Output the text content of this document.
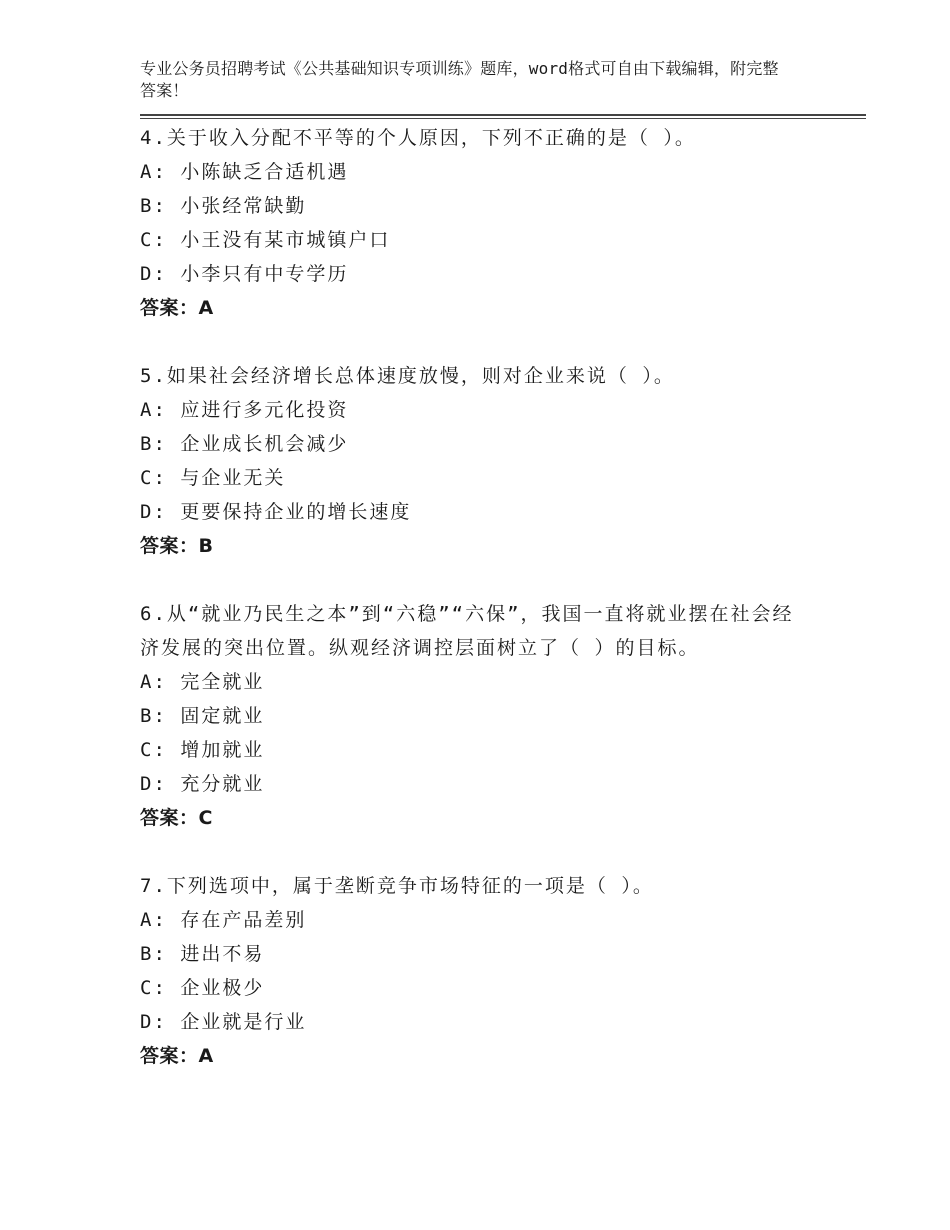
专业公务员招聘考试《公共基础知识专项训练》题库，word格式可自由下载编辑，附完整答案！

4.关于收入分配不平等的个人原因，下列不正确的是（ ）。

A: 小陈缺乏合适机遇

B: 小张经常缺勤

C: 小王没有某市城镇户口

D: 小李只有中专学历

答案：A

5.如果社会经济增长总体速度放慢，则对企业来说（ ）。

A: 应进行多元化投资

B: 企业成长机会减少

C: 与企业无关

D: 更要保持企业的增长速度

答案：B

6.从“就业乃民生之本”到“六稳”“六保”，我国一直将就业摆在社会经济发展的突出位置。纵观经济调控层面树立了（ ）的目标。

A: 完全就业

B: 固定就业

C: 增加就业

D: 充分就业

答案：C

7.下列选项中，属于垄断竞争市场特征的一项是（ ）。

A: 存在产品差别

B: 进出不易

C: 企业极少

D: 企业就是行业

答案：A
